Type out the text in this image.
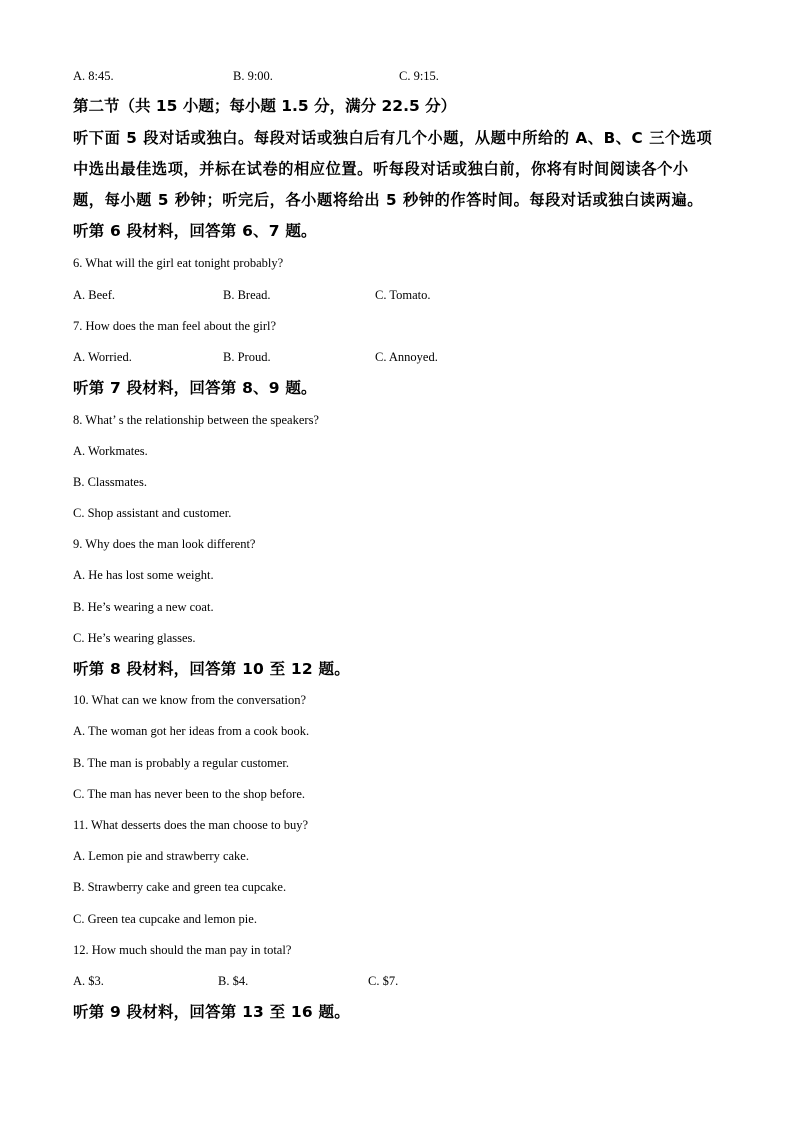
A. 8:45.	B. 9:00.	C. 9:15.
第二节（共 15 小题；每小题 1.5 分，满分 22.5 分）
听下面 5 段对话或独白。每段对话或独白后有几个小题，从题中所给的 A、B、C 三个选项
中选出最佳选项，并标在试卷的相应位置。听每段对话或独白前，你将有时间阅读各个小
题，每小题 5 秒钟；听完后，各小题将给出 5 秒钟的作答时间。每段对话或独白读两遍。
听第 6 段材料，回答第 6、7 题。
6. What will the girl eat tonight probably?
A. Beef.	B. Bread.	C. Tomato.
7. How does the man feel about the girl?
A. Worried.	B. Proud.	C. Annoyed.
听第 7 段材料，回答第 8、9 题。
8. What’ s the relationship between the speakers?
A. Workmates.
B. Classmates.
C. Shop assistant and customer.
9. Why does the man look different?
A. He has lost some weight.
B. He’s wearing a new coat.
C. He’s wearing glasses.
听第 8 段材料，回答第 10 至 12 题。
10. What can we know from the conversation?
A. The woman got her ideas from a cook book.
B. The man is probably a regular customer.
C. The man has never been to the shop before.
11. What desserts does the man choose to buy?
A. Lemon pie and strawberry cake.
B. Strawberry cake and green tea cupcake.
C. Green tea cupcake and lemon pie.
12. How much should the man pay in total?
A. $3.	B. $4.	C. $7.
听第 9 段材料，回答第 13 至 16 题。
